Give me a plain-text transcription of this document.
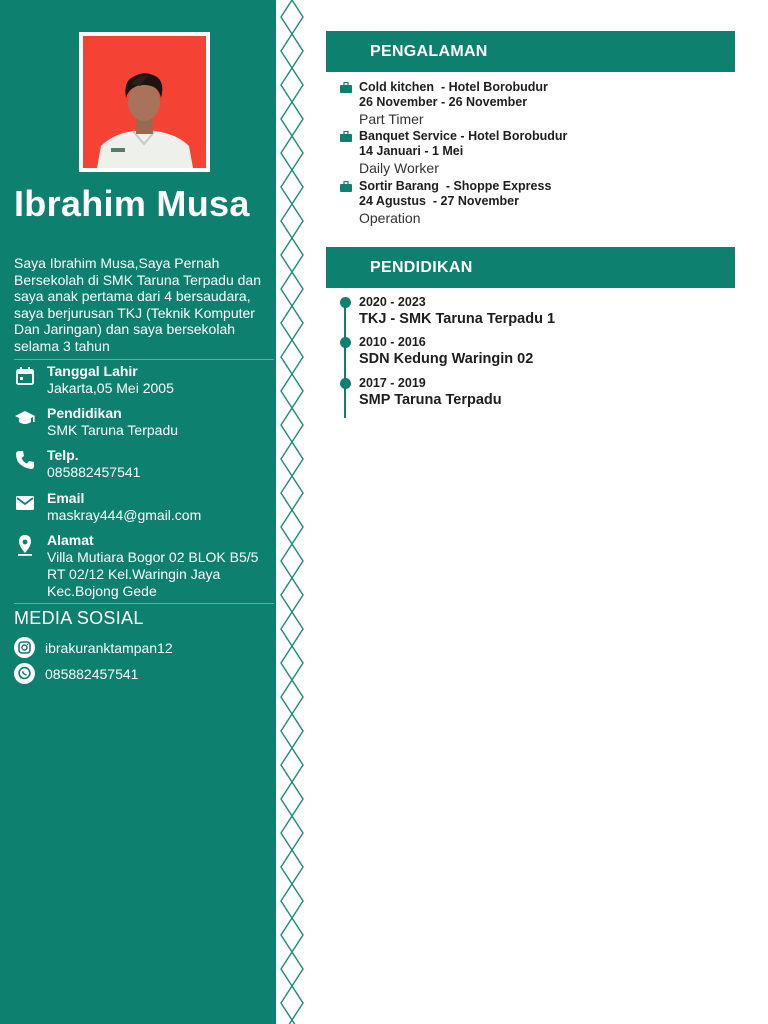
Ibrahim Musa
Saya Ibrahim Musa,Saya Pernah Bersekolah di SMK Taruna Terpadu dan saya anak pertama dari 4 bersaudara, saya berjurusan TKJ (Teknik Komputer Dan Jaringan) dan saya bersekolah selama 3 tahun
Tanggal Lahir
Jakarta,05 Mei 2005
Pendidikan
SMK Taruna Terpadu
Telp.
085882457541
Email
maskray444@gmail.com
Alamat
Villa Mutiara Bogor 02 BLOK B5/5 RT 02/12 Kel.Waringin Jaya Kec.Bojong Gede
MEDIA SOSIAL
ibrakuranktampan12
085882457541
PENGALAMAN
Cold kitchen  - Hotel Borobudur
26 November - 26 November
Part Timer
Banquet Service - Hotel Borobudur
14 Januari - 1 Mei
Daily Worker
Sortir Barang  - Shoppe Express
24 Agustus  - 27 November
Operation
PENDIDIKAN
2020 - 2023
TKJ - SMK Taruna Terpadu 1
2010 - 2016
SDN Kedung Waringin 02
2017 - 2019
SMP Taruna Terpadu
